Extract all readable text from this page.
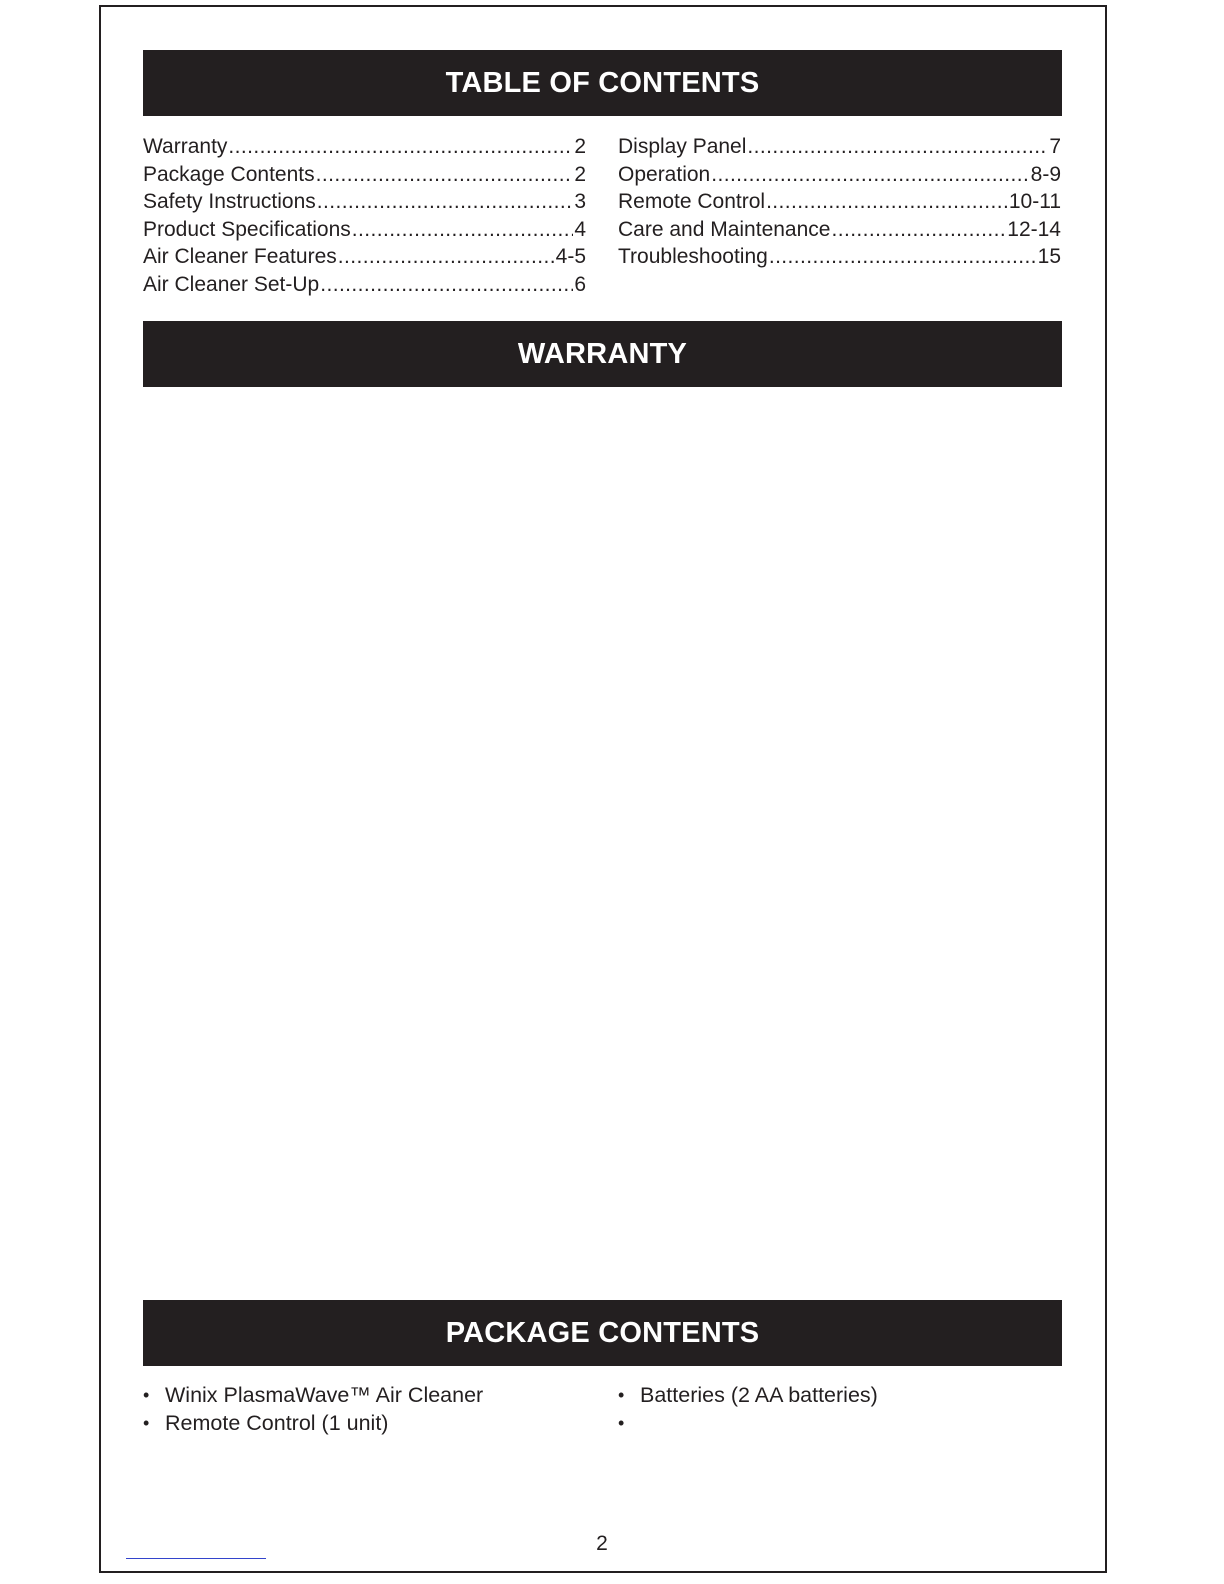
TABLE OF CONTENTS
Warranty .....	2
Package Contents .....	2
Safety Instructions .....	3
Product Specifications .....	4
Air Cleaner Features .....	4-5
Air Cleaner Set-Up .....	6
Display Panel .....	7
Operation .....	8-9
Remote Control .....	10-11
Care and Maintenance .....	12-14
Troubleshooting .....	15
WARRANTY
PACKAGE CONTENTS
• Winix PlasmaWave™ Air Cleaner
• Remote Control (1 unit)
• Batteries (2 AA batteries)
•
2
